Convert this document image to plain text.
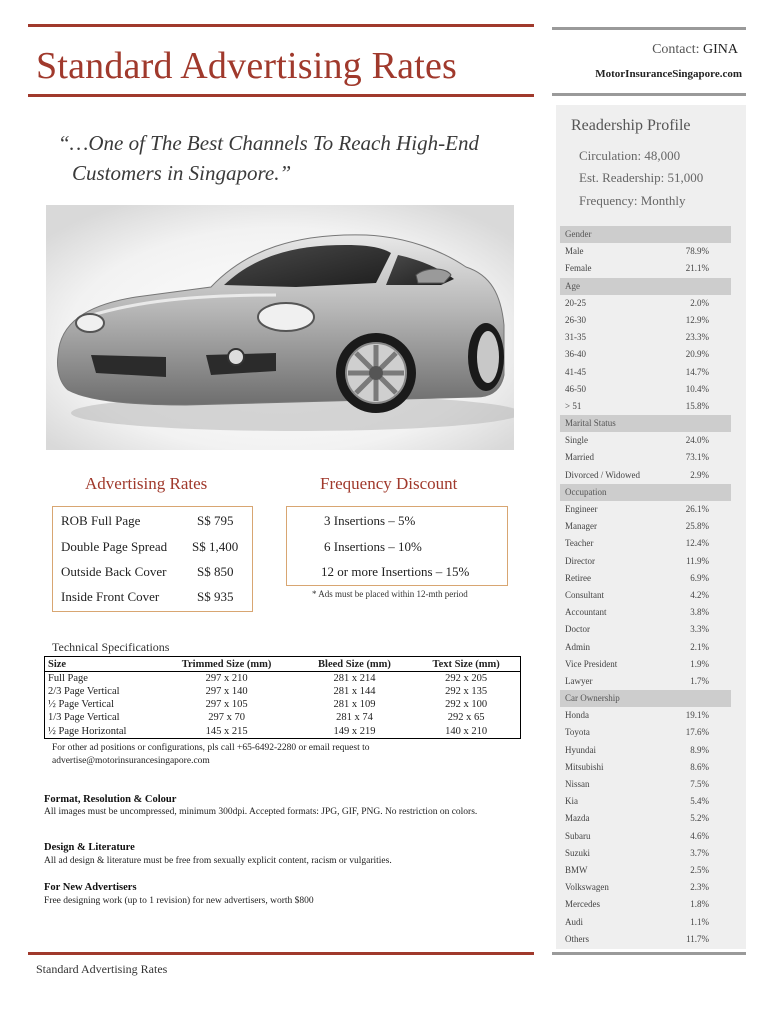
Standard Advertising Rates
“…One of The Best Channels To Reach High-End
Customers in Singapore.”
Advertising Rates
ROB Full Page	S$ 795
Double Page Spread S$ 1,400
Outside Back Cover S$ 850
Inside Front Cover	S$ 935
Frequency Discount
3 Insertions – 5%
6 Insertions – 10%
12 or more Insertions – 15%
* Ads must be placed within 12-mth period
Technical Specifications
Size	Trimmed Size (mm)	Bleed Size (mm)	Text Size (mm)
Full Page	297 x 210	281 x 214	292 x 205
2/3 Page Vertical	297 x 140	281 x 144	292 x 135
½ Page Vertical	297 x 105	281 x 109	292 x 100
1/3 Page Vertical	297 x 70	281 x 74	292 x 65
½ Page Horizontal	145 x 215	149 x 219	140 x 210
For other ad positions or configurations, pls call +65-6492-2280 or email request to advertise@motorinsurancesingapore.com
Format, Resolution & Colour
All images must be uncompressed, minimum 300dpi. Accepted formats: JPG, GIF, PNG. No restriction on colors.
Design & Literature
All ad design & literature must be free from sexually explicit content, racism or vulgarities.
For New Advertisers
Free designing work (up to 1 revision) for new advertisers, worth $800
Standard Advertising Rates
Contact: GINA
MotorInsuranceSingapore.com
Readership Profile
Circulation: 48,000
Est. Readership: 51,000
Frequency: Monthly
Gender
Male	78.9%
Female	21.1%
Age
20-25	2.0%
26-30	12.9%
31-35	23.3%
36-40	20.9%
41-45	14.7%
46-50	10.4%
> 51	15.8%
Marital Status
Single	24.0%
Married	73.1%
Divorced / Widowed	2.9%
Occupation
Engineer	26.1%
Manager	25.8%
Teacher	12.4%
Director	11.9%
Retiree	6.9%
Consultant	4.2%
Accountant	3.8%
Doctor	3.3%
Admin	2.1%
Vice President	1.9%
Lawyer	1.7%
Car Ownership
Honda	19.1%
Toyota	17.6%
Hyundai	8.9%
Mitsubishi	8.6%
Nissan	7.5%
Kia	5.4%
Mazda	5.2%
Subaru	4.6%
Suzuki	3.7%
BMW	2.5%
Volkswagen	2.3%
Mercedes	1.8%
Audi	1.1%
Others	11.7%
